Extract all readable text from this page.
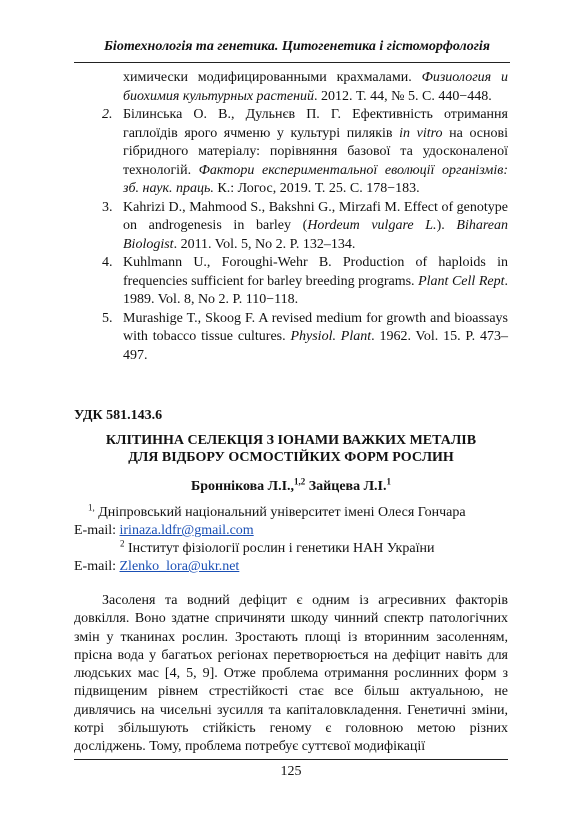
Біотехнологія та генетика. Цитогенетика і гістоморфологія
химически модифицированными крахмалами. Физиология и биохимия культурных растений. 2012. Т. 44, № 5. С. 440−448.
2. Білинська О. В., Дульнєв П. Г. Ефективність отримання гаплоїдів ярого ячменю у культурі пиляків in vitro на основі гібридного матеріалу: порівняння базової та удосконаленої технологій. Фактори експериментальної еволюції організмів: зб. наук. праць. К.: Логос, 2019. Т. 25. С. 178−183.
3. Kahrizi D., Mahmood S., Bakshni G., Mirzafi M. Effect of genotype on androgenesis in barley (Hordeum vulgare L.). Biharean Biologist. 2011. Vol. 5, No 2. P. 132–134.
4. Kuhlmann U., Foroughi-Wehr B. Production of haploids in frequencies sufficient for barley breeding programs. Plant Cell Rept. 1989. Vol. 8, No 2. P. 110−118.
5. Murashige T., Skoog F. A revised medium for growth and bioassays with tobacco tissue cultures. Physiol. Plant. 1962. Vol. 15. P. 473–497.
УДК 581.143.6
КЛІТИННА СЕЛЕКЦІЯ З ІОНАМИ ВАЖКИХ МЕТАЛІВ
ДЛЯ ВІДБОРУ ОСМОСТІЙКИХ ФОРМ РОСЛИН
Броннікова Л.І.,$^{1,2}$ Зайцева Л.І.$^1$
$^{1,}$ Дніпровський національний університет імені Олеся Гончара
E-mail: irinaza.ldfr@gmail.com
$^2$ Інститут фізіології рослин і генетики НАН України
E-mail: Zlenko_lora@ukr.net
Засоленя та водний дефіцит є одним із агресивних факторів довкілля. Воно здатне спричиняти шкоду чинний спектр патологічних змін у тканинах рослин. Зростають площі із вторинним засоленням, прісна вода у багатьох регіонах перетворюється на дефіцит навіть для людських мас [4, 5, 9]. Отже проблема отримання рослинних форм з підвищеним рівнем стрестійкості стає все більш актуальною, не дивлячись на чисельні зусилля та капіталовкладення. Генетичні зміни, котрі збільшують стійкість геному є головною метою різних досліджень. Тому, проблема потребує суттєвої модифікації
125
